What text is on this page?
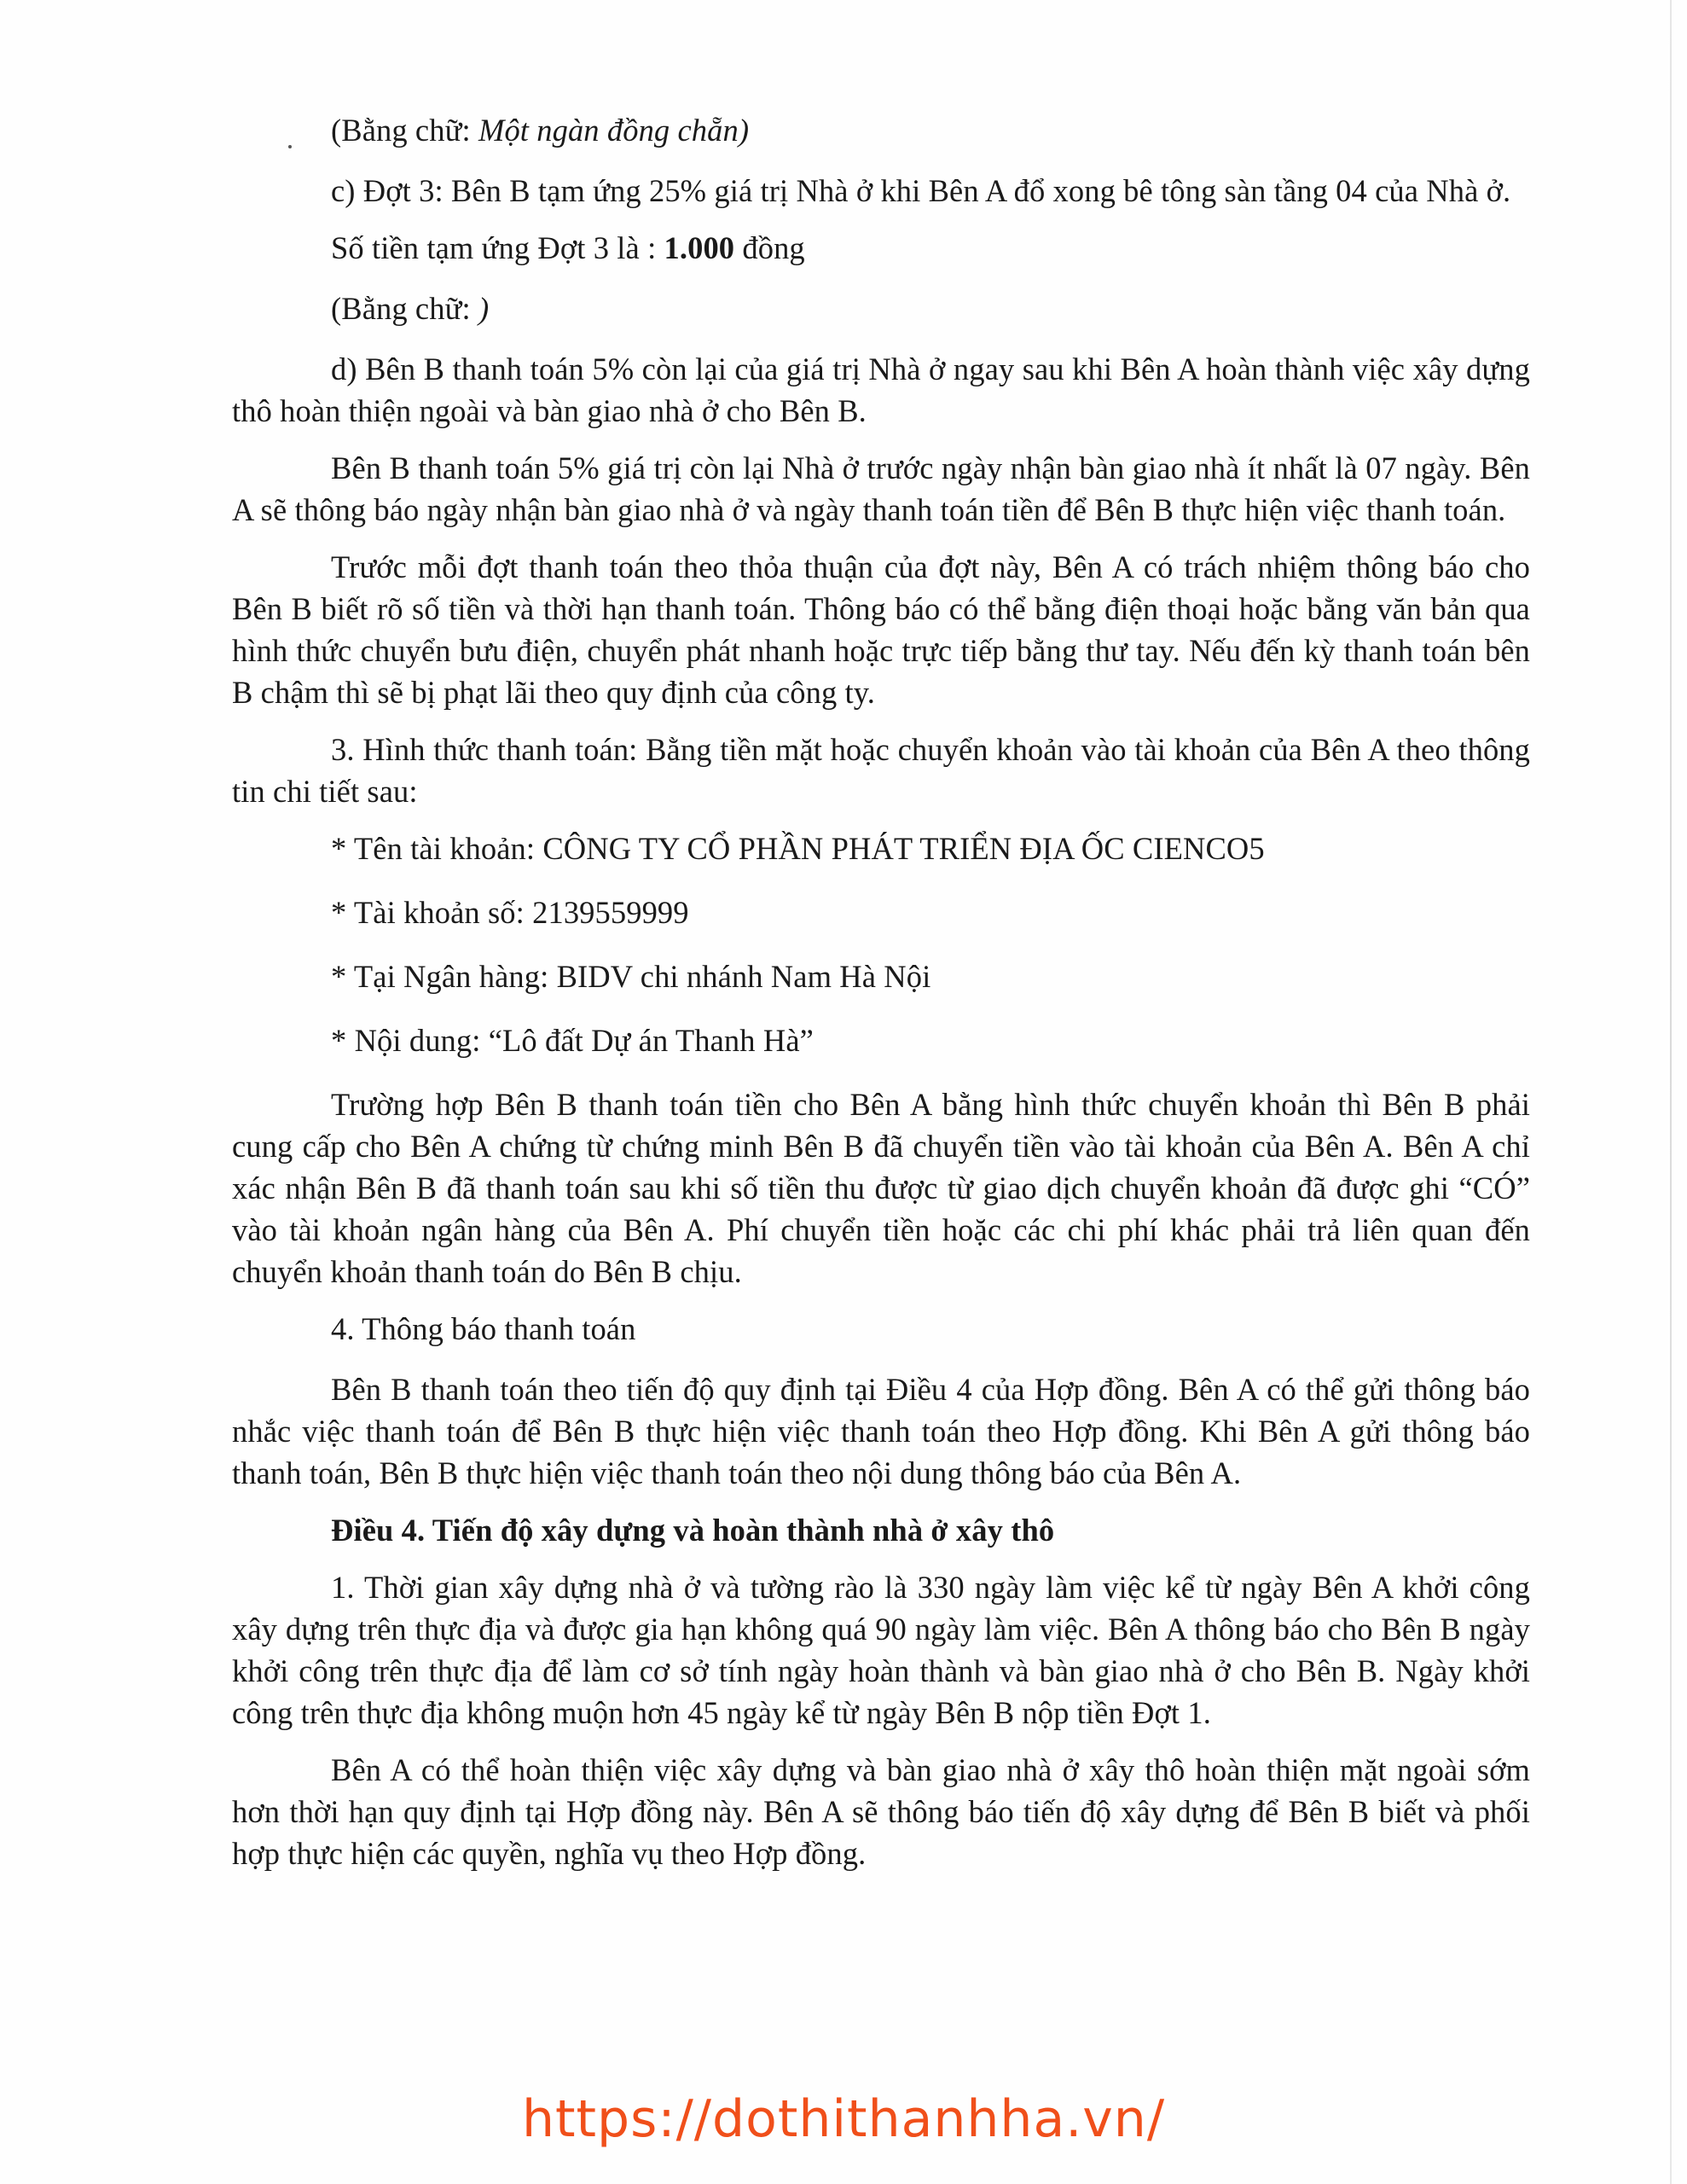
(Bằng chữ: Một ngàn đồng chẵn)

c) Đợt 3: Bên B tạm ứng 25% giá trị Nhà ở khi Bên A đổ xong bê tông sàn tầng 04 của Nhà ở.

Số tiền tạm ứng Đợt 3 là : 1.000 đồng

(Bằng chữ: )

d) Bên B thanh toán 5% còn lại của giá trị Nhà ở ngay sau khi Bên A hoàn thành việc xây dựng thô hoàn thiện ngoài và bàn giao nhà ở cho Bên B.

Bên B thanh toán 5% giá trị còn lại Nhà ở trước ngày nhận bàn giao nhà ít nhất là 07 ngày. Bên A sẽ thông báo ngày nhận bàn giao nhà ở và ngày thanh toán tiền để Bên B thực hiện việc thanh toán.

Trước mỗi đợt thanh toán theo thỏa thuận của đợt này, Bên A có trách nhiệm thông báo cho Bên B biết rõ số tiền và thời hạn thanh toán. Thông báo có thể bằng điện thoại hoặc bằng văn bản qua hình thức chuyển bưu điện, chuyển phát nhanh hoặc trực tiếp bằng thư tay. Nếu đến kỳ thanh toán bên B chậm thì sẽ bị phạt lãi theo quy định của công ty.

3. Hình thức thanh toán: Bằng tiền mặt hoặc chuyển khoản vào tài khoản của Bên A theo thông tin chi tiết sau:

* Tên tài khoản: CÔNG TY CỔ PHẦN PHÁT TRIỂN ĐỊA ỐC CIENCO5

* Tài khoản số: 2139559999

* Tại Ngân hàng: BIDV chi nhánh Nam Hà Nội

* Nội dung: “Lô đất Dự án Thanh Hà”

Trường hợp Bên B thanh toán tiền cho Bên A bằng hình thức chuyển khoản thì Bên B phải cung cấp cho Bên A chứng từ chứng minh Bên B đã chuyển tiền vào tài khoản của Bên A. Bên A chỉ xác nhận Bên B đã thanh toán sau khi số tiền thu được từ giao dịch chuyển khoản đã được ghi “CÓ” vào tài khoản ngân hàng của Bên A. Phí chuyển tiền hoặc các chi phí khác phải trả liên quan đến chuyển khoản thanh toán do Bên B chịu.

4. Thông báo thanh toán

Bên B thanh toán theo tiến độ quy định tại Điều 4 của Hợp đồng. Bên A có thể gửi thông báo nhắc việc thanh toán để Bên B thực hiện việc thanh toán theo Hợp đồng. Khi Bên A gửi thông báo thanh toán, Bên B thực hiện việc thanh toán theo nội dung thông báo của Bên A.

Điều 4. Tiến độ xây dựng và hoàn thành nhà ở xây thô

1. Thời gian xây dựng nhà ở và tường rào là 330 ngày làm việc kể từ ngày Bên A khởi công xây dựng trên thực địa và được gia hạn không quá 90 ngày làm việc. Bên A thông báo cho Bên B ngày khởi công trên thực địa để làm cơ sở tính ngày hoàn thành và bàn giao nhà ở cho Bên B. Ngày khởi công trên thực địa không muộn hơn 45 ngày kể từ ngày Bên B nộp tiền Đợt 1.

Bên A có thể hoàn thiện việc xây dựng và bàn giao nhà ở xây thô hoàn thiện mặt ngoài sớm hơn thời hạn quy định tại Hợp đồng này. Bên A sẽ thông báo tiến độ xây dựng để Bên B biết và phối hợp thực hiện các quyền, nghĩa vụ theo Hợp đồng.

https://dothithanhha.vn/
